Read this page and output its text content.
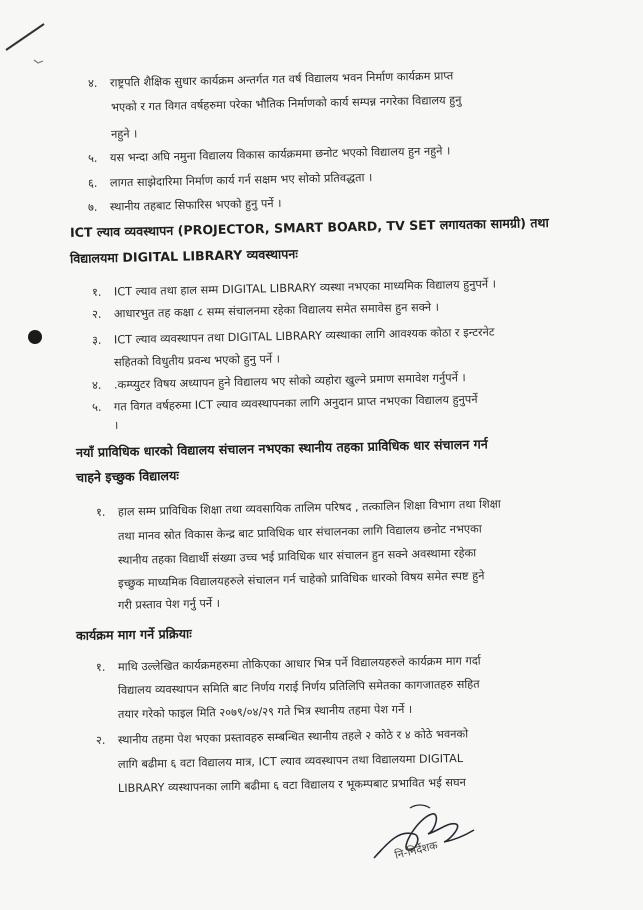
४. राष्ट्रपति शैक्षिक सुधार कार्यक्रम अन्तर्गत गत वर्ष विद्यालय भवन निर्माण कार्यक्रम प्राप्त
भएको र गत विगत वर्षहरुमा परेका भौतिक निर्माणको कार्य सम्पन्न नगरेका विद्यालय हुनु
नहुने ।
५. यस भन्दा अघि नमुना विद्यालय विकास कार्यक्रममा छनोट भएको विद्यालय हुन नहुने ।
६. लागत साझेदारिमा निर्माण कार्य गर्न सक्षम भए सोको प्रतिवद्धता ।
७. स्थानीय तहबाट सिफारिस भएको हुनु पर्ने ।
ICT ल्याव व्यवस्थापन (PROJECTOR, SMART BOARD, TV SET लगायतका सामग्री) तथा
विद्यालयमा DIGITAL LIBRARY व्यवस्थापनः
१. ICT ल्याव तथा हाल सम्म DIGITAL LIBRARY व्यस्था नभएका माध्यमिक विद्यालय हुनुपर्ने ।
२. आधारभुत तह कक्षा ८ सम्म संचालनमा रहेका विद्यालय समेत समावेस हुन सक्ने ।
३. ICT ल्याव व्यवस्थापन तथा DIGITAL LIBRARY व्यस्थाका लागि आवश्यक कोठा र इन्टरनेट
सहितको विधुतीय प्रवन्ध भएको हुनु पर्ने ।
४. .कम्प्युटर विषय अध्यापन हुने विद्यालय भए सोको व्यहोरा खुल्ने प्रमाण समावेश गर्नुपर्ने ।
५. गत विगत वर्षहरुमा ICT ल्याव व्यवस्थापनका लागि अनुदान प्राप्त नभएका विद्यालय हुनुपर्ने
।
नयाँ प्राविधिक धारको विद्यालय संचालन नभएका स्थानीय तहका प्राविधिक धार संचालन गर्न
चाहने इच्छुक विद्यालयः
१. हाल सम्म प्राविधिक शिक्षा तथा व्यवसायिक तालिम परिषद , तत्कालिन शिक्षा विभाग तथा शिक्षा
तथा मानव स्रोत विकास केन्द्र बाट प्राविधिक धार संचालनका लागि विद्यालय छनोट नभएका
स्थानीय तहका विद्यार्थी संख्या उच्च भई प्राविधिक धार संचालन हुन सक्ने अवस्थामा रहेका
इच्छुक माध्यमिक विद्यालयहरुले संचालन गर्न चाहेको प्राविधिक धारको विषय समेत स्पष्ट हुने
गरी प्रस्ताव पेश गर्नु पर्ने ।
कार्यक्रम माग गर्ने प्रक्रियाः
१. माथि उल्लेखित कार्यक्रमहरुमा तोकिएका आधार भित्र पर्ने विद्यालयहरुले कार्यक्रम माग गर्दा
विद्यालय व्यवस्थापन समिति बाट निर्णय गराई निर्णय प्रतिलिपि समेतका कागजातहरु सहित
तयार गरेको फाइल मिति २०७९/०४/२९ गते भित्र स्थानीय तहमा पेश गर्ने ।
२. स्थानीय तहमा पेश भएका प्रस्तावहरु सम्बन्धित स्थानीय तहले २ कोठे र ४ कोठे भवनको
लागि बढीमा ६ वटा विद्यालय मात्र, ICT ल्याव व्यवस्थापन तथा विद्यालयमा DIGITAL
LIBRARY व्यस्थापनका लागि बढीमा ६ वटा विद्यालय र भूकम्पबाट प्रभावित भई सघन
नि-निर्देशक
